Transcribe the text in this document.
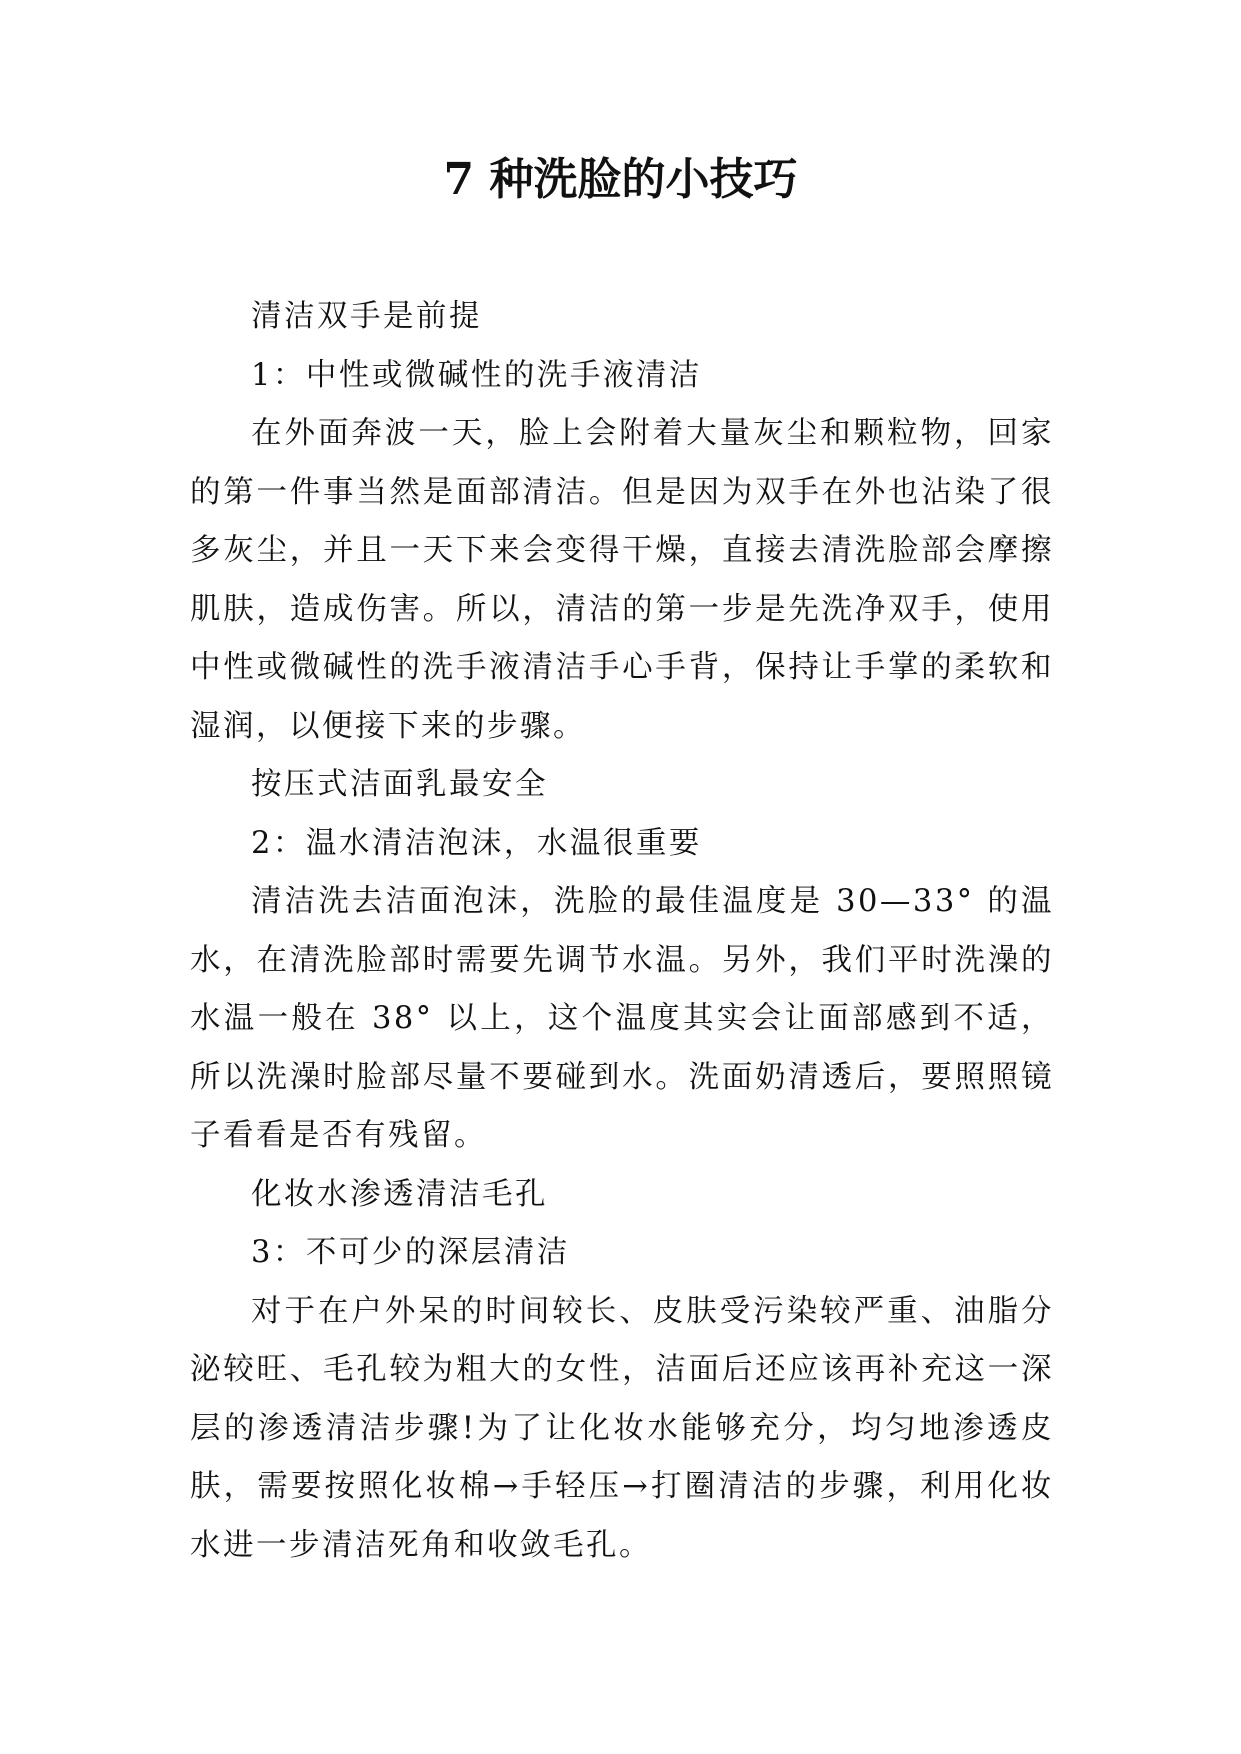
7 种洗脸的小技巧

清洁双手是前提

1：中性或微碱性的洗手液清洁

在外面奔波一天，脸上会附着大量灰尘和颗粒物，回家的第一件事当然是面部清洁。但是因为双手在外也沾染了很多灰尘，并且一天下来会变得干燥，直接去清洗脸部会摩擦肌肤，造成伤害。所以，清洁的第一步是先洗净双手，使用中性或微碱性的洗手液清洁手心手背，保持让手掌的柔软和湿润，以便接下来的步骤。

按压式洁面乳最安全

2：温水清洁泡沫，水温很重要

清洁洗去洁面泡沫，洗脸的最佳温度是 30—33° 的温水，在清洗脸部时需要先调节水温。另外，我们平时洗澡的水温一般在 38° 以上，这个温度其实会让面部感到不适，所以洗澡时脸部尽量不要碰到水。洗面奶清透后，要照照镜子看看是否有残留。

化妆水渗透清洁毛孔

3：不可少的深层清洁

对于在户外呆的时间较长、皮肤受污染较严重、油脂分泌较旺、毛孔较为粗大的女性，洁面后还应该再补充这一深层的渗透清洁步骤!为了让化妆水能够充分，均匀地渗透皮肤，需要按照化妆棉→手轻压→打圈清洁的步骤，利用化妆水进一步清洁死角和收敛毛孔。
